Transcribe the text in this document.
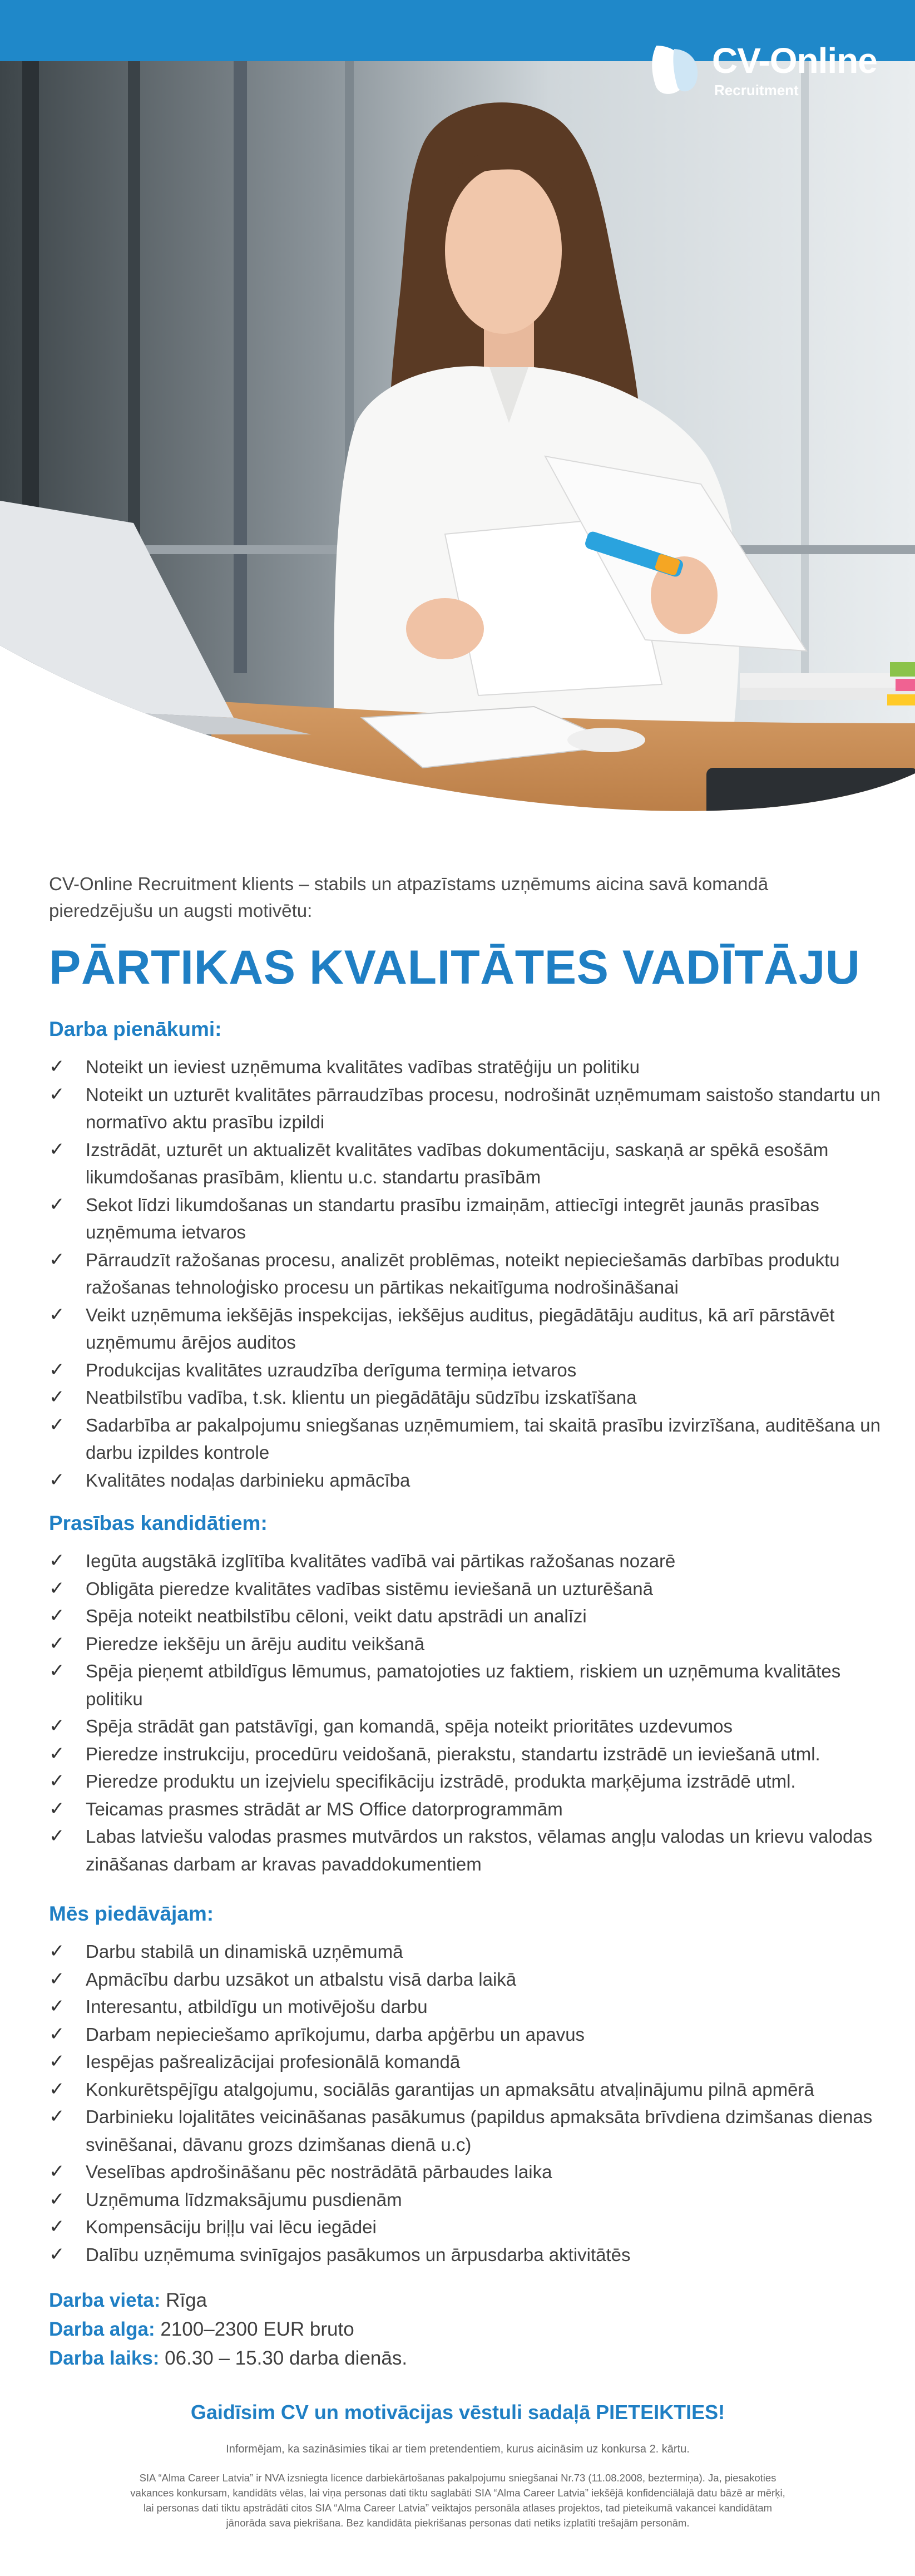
CV-Online
Recruitment

CV-Online Recruitment klients – stabils un atpazīstams uzņēmums aicina savā komandā pieredzējušu un augsti motivētu:

PĀRTIKAS KVALITĀTES VADĪTĀJU
Darba pienākumi:
✓ Noteikt un ieviest uzņēmuma kvalitātes vadības stratēģiju un politiku
✓ Noteikt un uzturēt kvalitātes pārraudzības procesu, nodrošināt uzņēmumam saistošo standartu un normatīvo aktu prasību izpildi
✓ Izstrādāt, uzturēt un aktualizēt kvalitātes vadības dokumentāciju, saskaņā ar spēkā esošām likumdošanas prasībām, klientu u.c. standartu prasībām
✓ Sekot līdzi likumdošanas un standartu prasību izmaiņām, attiecīgi integrēt jaunās prasības uzņēmuma ietvaros
✓ Pārraudzīt ražošanas procesu, analizēt problēmas, noteikt nepieciešamās darbības produktu ražošanas tehnoloģisko procesu un pārtikas nekaitīguma nodrošināšanai
✓ Veikt uzņēmuma iekšējās inspekcijas, iekšējus auditus, piegādātāju auditus, kā arī pārstāvēt uzņēmumu ārējos auditos
✓ Produkcijas kvalitātes uzraudzība derīguma termiņa ietvaros
✓ Neatbilstību vadība, t.sk. klientu un piegādātāju sūdzību izskatīšana
✓ Sadarbība ar pakalpojumu sniegšanas uzņēmumiem, tai skaitā prasību izvirzīšana, auditēšana un darbu izpildes kontrole
✓ Kvalitātes nodaļas darbinieku apmācība
Prasības kandidātiem:
✓ Iegūta augstākā izglītība kvalitātes vadībā vai pārtikas ražošanas nozarē
✓ Obligāta pieredze kvalitātes vadības sistēmu ieviešanā un uzturēšanā
✓ Spēja noteikt neatbilstību cēloni, veikt datu apstrādi un analīzi
✓ Pieredze iekšēju un ārēju auditu veikšanā
✓ Spēja pieņemt atbildīgus lēmumus, pamatojoties uz faktiem, riskiem un uzņēmuma kvalitātes politiku
✓ Spēja strādāt gan patstāvīgi, gan komandā, spēja noteikt prioritātes uzdevumos
✓ Pieredze instrukciju, procedūru veidošanā, pierakstu, standartu izstrādē un ieviešanā utml.
✓ Pieredze produktu un izejvielu specifikāciju izstrādē, produkta marķējuma izstrādē utml.
✓ Teicamas prasmes strādāt ar MS Office datorprogrammām
✓ Labas latviešu valodas prasmes mutvārdos un rakstos, vēlamas angļu valodas un krievu valodas zināšanas darbam ar kravas pavaddokumentiem
Mēs piedāvājam:
✓ Darbu stabilā un dinamiskā uzņēmumā
✓ Apmācību darbu uzsākot un atbalstu visā darba laikā
✓ Interesantu, atbildīgu un motivējošu darbu
✓ Darbam nepieciešamo aprīkojumu, darba apģērbu un apavus
✓ Iespējas pašrealizācijai profesionālā komandā
✓ Konkurētspējīgu atalgojumu, sociālās garantijas un apmaksātu atvaļinājumu pilnā apmērā
✓ Darbinieku lojalitātes veicināšanas pasākumus (papildus apmaksāta brīvdiena dzimšanas dienas svinēšanai, dāvanu grozs dzimšanas dienā u.c)
✓ Veselības apdrošināšanu pēc nostrādātā pārbaudes laika
✓ Uzņēmuma līdzmaksājumu pusdienām
✓ Kompensāciju briļļu vai lēcu iegādei
✓ Dalību uzņēmuma svinīgajos pasākumos un ārpusdarba aktivitātēs
Darba vieta: Rīga
Darba alga: 2100–2300 EUR bruto
Darba laiks: 06.30 – 15.30 darba dienās.
Gaidīsim CV un motivācijas vēstuli sadaļā PIETEIKTIES!
Informējam, ka sazināsimies tikai ar tiem pretendentiem, kurus aicināsim uz konkursa 2. kārtu.
SIA “Alma Career Latvia” ir NVA izsniegta licence darbiekārtošanas pakalpojumu sniegšanai Nr.73 (11.08.2008, beztermiņa). Ja, piesakoties
vakances konkursam, kandidāts vēlas, lai viņa personas dati tiktu saglabāti SIA “Alma Career Latvia” iekšējā konfidenciālajā datu bāzē ar mērķi,
lai personas dati tiktu apstrādāti citos SIA “Alma Career Latvia” veiktajos personāla atlases projektos, tad pieteikumā vakancei kandidātam
jānorāda sava piekrišana. Bez kandidāta piekrišanas personas dati netiks izplatīti trešajām personām.
